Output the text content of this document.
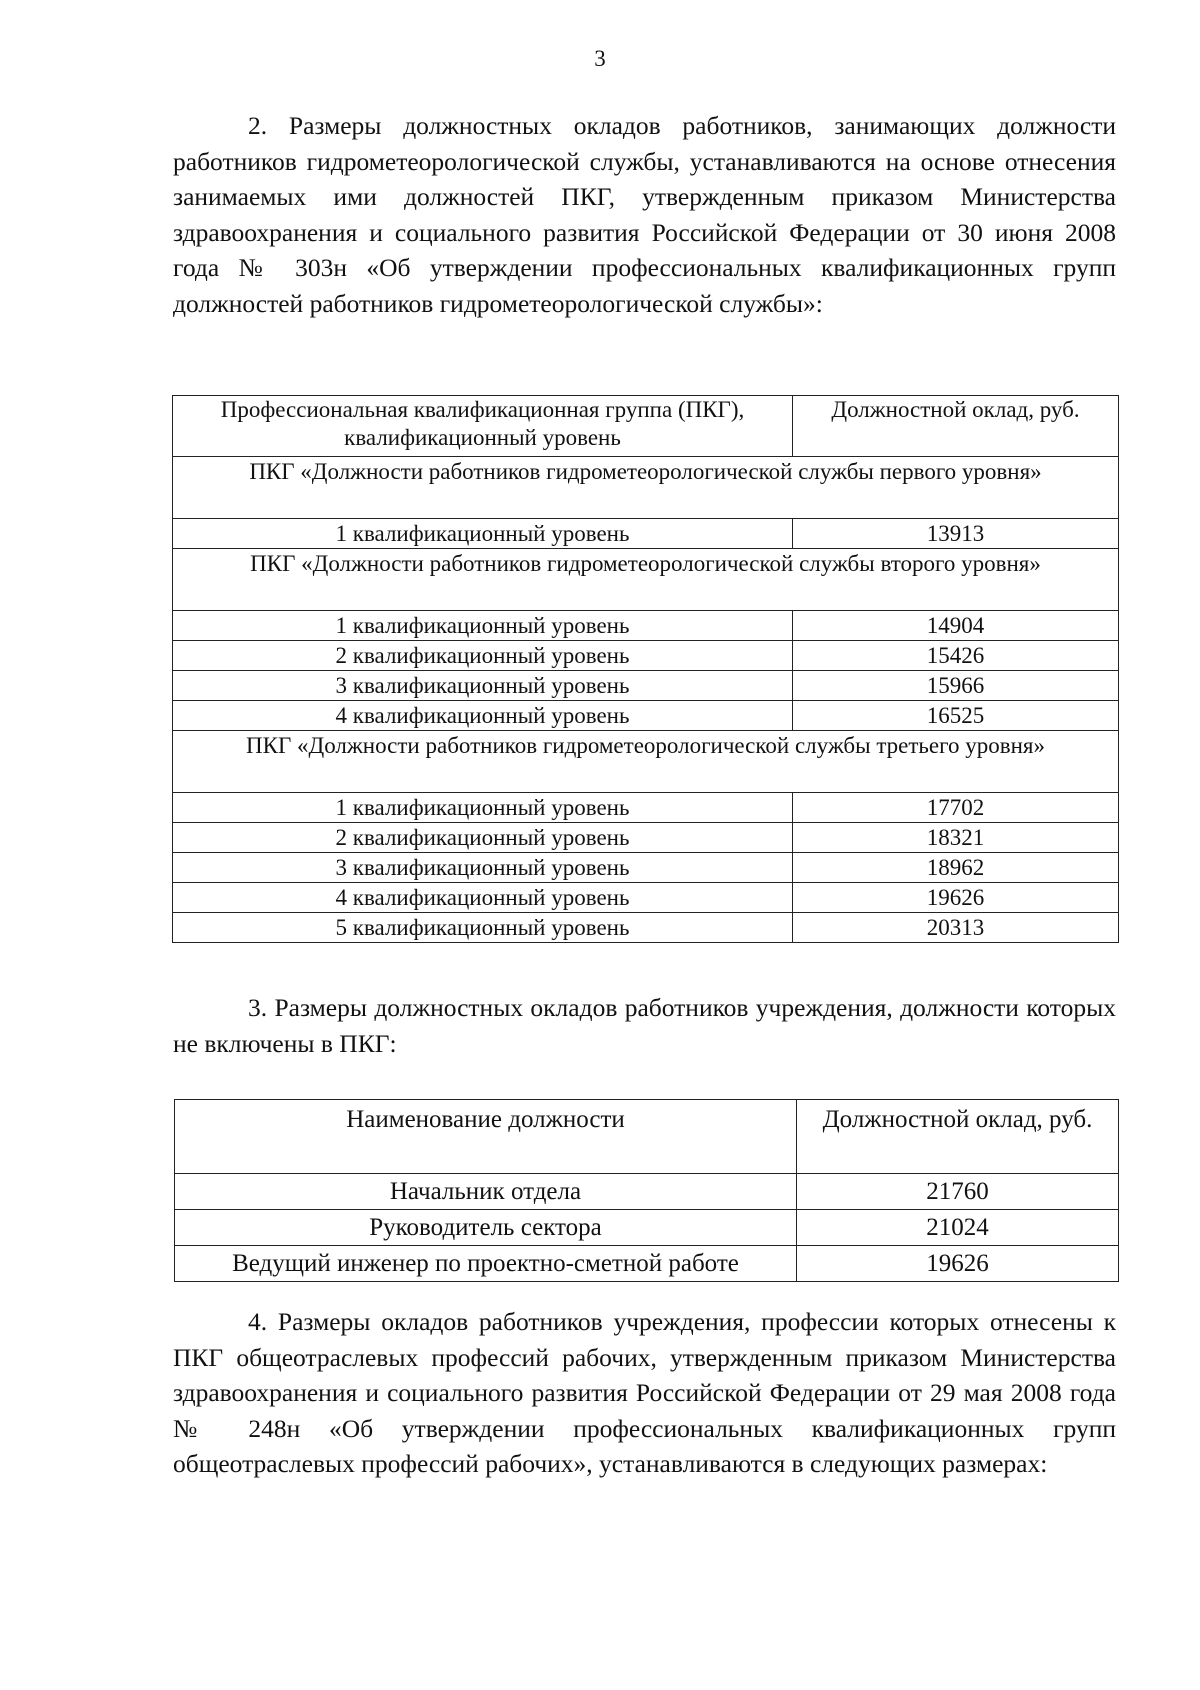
3

2. Размеры должностных окладов работников, занимающих должности работников гидрометеорологической службы, устанавливаются на основе отнесения занимаемых ими должностей ПКГ, утвержденным приказом Министерства здравоохранения и социального развития Российской Федерации от 30 июня 2008 года № 303н «Об утверждении профессиональных квалификационных групп должностей работников гидрометеорологической службы»:

Профессиональная квалификационная группа (ПКГ), квалификационный уровень	Должностной оклад, руб.
ПКГ «Должности работников гидрометеорологической службы первого уровня»	
1 квалификационный уровень	13913
ПКГ «Должности работников гидрометеорологической службы второго уровня»	
1 квалификационный уровень	14904
2 квалификационный уровень	15426
3 квалификационный уровень	15966
4 квалификационный уровень	16525
ПКГ «Должности работников гидрометеорологической службы третьего уровня»	
1 квалификационный уровень	17702
2 квалификационный уровень	18321
3 квалификационный уровень	18962
4 квалификационный уровень	19626
5 квалификационный уровень	20313

3. Размеры должностных окладов работников учреждения, должности которых не включены в ПКГ:

Наименование должности	Должностной оклад, руб.
Начальник отдела	21760
Руководитель сектора	21024
Ведущий инженер по проектно-сметной работе	19626

4. Размеры окладов работников учреждения, профессии которых отнесены к ПКГ общеотраслевых профессий рабочих, утвержденным приказом Министерства здравоохранения и социального развития Российской Федерации от 29 мая 2008 года № 248н «Об утверждении профессиональных квалификационных групп общеотраслевых профессий рабочих», устанавливаются в следующих размерах:
